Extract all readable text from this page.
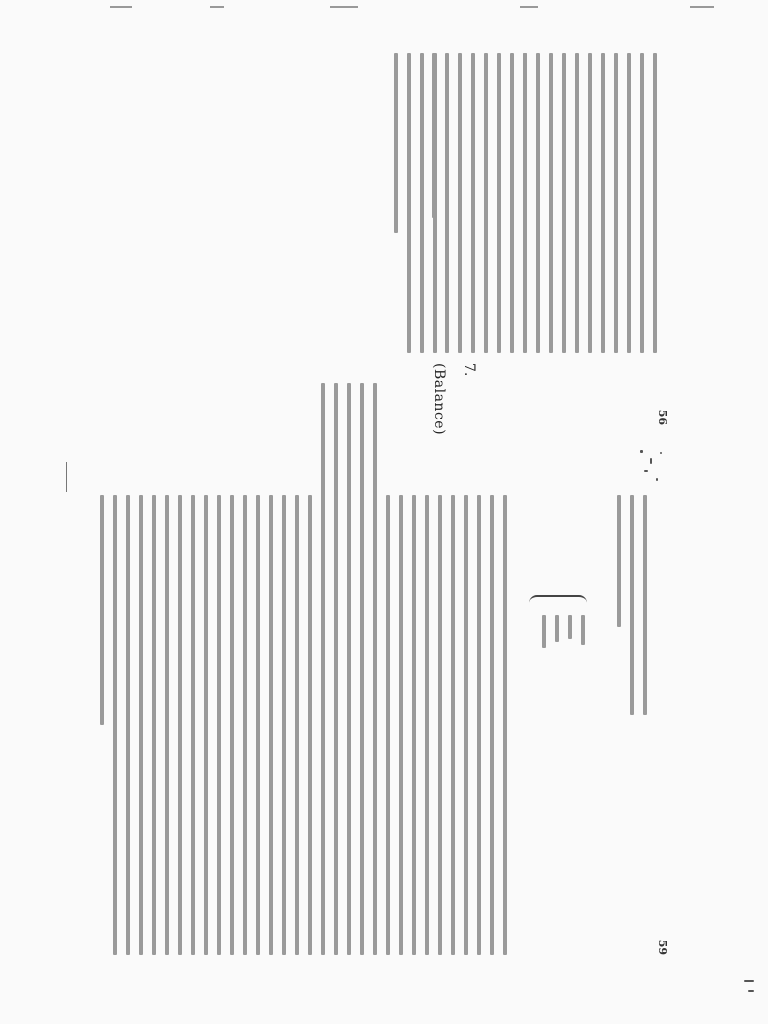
7.
(Balance)	56
59
